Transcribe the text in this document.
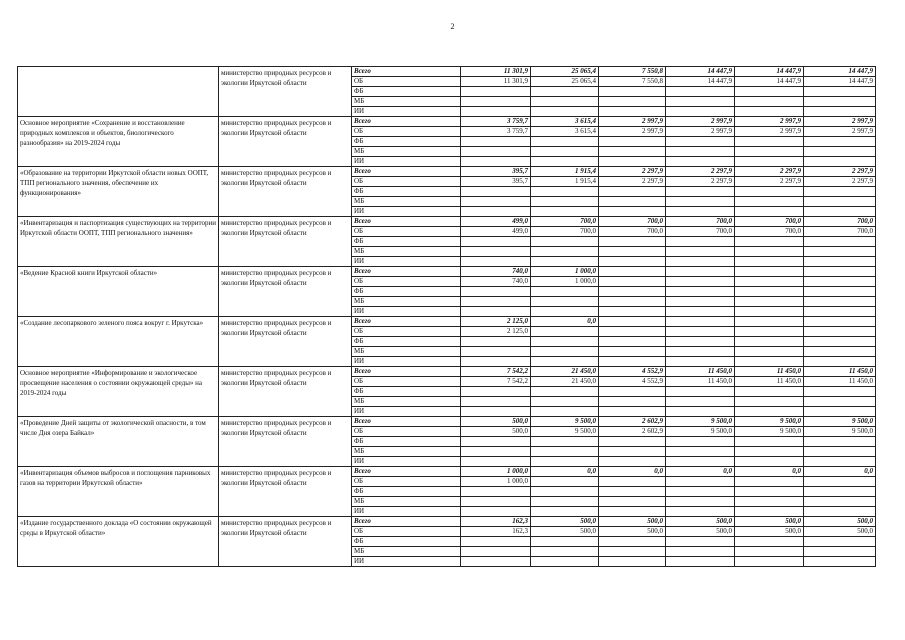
2
	министерство природных ресурсов и экологии Иркутской области	Всего	11 301,9	25 065,4	7 550,8	14 447,9	14 447,9	14 447,9
		ОБ	11 301,9	25 065,4	7 550,8	14 447,9	14 447,9	14 447,9
		ФБ						
		МБ						
		ИИ						
Основное мероприятие «Сохранение и восстановление природных комплексов и объектов, биологического разнообразия» на 2019-2024 годы	министерство природных ресурсов и экологии Иркутской области	Всего	3 759,7	3 615,4	2 997,9	2 997,9	2 997,9	2 997,9
		ОБ	3 759,7	3 615,4	2 997,9	2 997,9	2 997,9	2 997,9
		ФБ						
		МБ						
		ИИ						
«Образование на территории Иркутской области новых ООПТ, ТПП регионального значения, обеспечение их функционирования»	министерство природных ресурсов и экологии Иркутской области	Всего	395,7	1 915,4	2 297,9	2 297,9	2 297,9	2 297,9
		ОБ	395,7	1 915,4	2 297,9	2 297,9	2 297,9	2 297,9
		ФБ						
		МБ						
		ИИ						
«Инвентаризация и паспортизация существующих на территории Иркутской области ООПТ, ТПП регионального значения»	министерство природных ресурсов и экологии Иркутской области	Всего	499,0	700,0	700,0	700,0	700,0	700,0
		ОБ	499,0	700,0	700,0	700,0	700,0	700,0
		ФБ						
		МБ						
		ИИ						
«Ведение Красной книги Иркутской области»	министерство природных ресурсов и экологии Иркутской области	Всего	740,0	1 000,0				
		ОБ	740,0	1 000,0				
		ФБ						
		МБ						
		ИИ						
«Создание лесопаркового зеленого пояса вокруг г. Иркутска»	министерство природных ресурсов и экологии Иркутской области	Всего	2 125,0	0,0				
		ОБ	2 125,0					
		ФБ						
		МБ						
		ИИ						
Основное мероприятие «Информирование и экологическое просвещение населения о состоянии окружающей среды» на 2019-2024 годы	министерство природных ресурсов и экологии Иркутской области	Всего	7 542,2	21 450,0	4 552,9	11 450,0	11 450,0	11 450,0
		ОБ	7 542,2	21 450,0	4 552,9	11 450,0	11 450,0	11 450,0
		ФБ						
		МБ						
		ИИ						
«Проведение Дней защиты от экологической опасности, в том числе Дня озера Байкал»	министерство природных ресурсов и экологии Иркутской области	Всего	500,0	9 500,0	2 602,9	9 500,0	9 500,0	9 500,0
		ОБ	500,0	9 500,0	2 602,9	9 500,0	9 500,0	9 500,0
		ФБ						
		МБ						
		ИИ						
«Инвентаризация объемов выбросов и поглощения парниковых газов на территории Иркутской области»	министерство природных ресурсов и экологии Иркутской области	Всего	1 000,0	0,0	0,0	0,0	0,0	0,0
		ОБ	1 000,0					
		ФБ						
		МБ						
		ИИ						
«Издание государственного доклада «О состоянии окружающей среды в Иркутской области»	министерство природных ресурсов и экологии Иркутской области	Всего	162,3	500,0	500,0	500,0	500,0	500,0
		ОБ	162,3	500,0	500,0	500,0	500,0	500,0
		ФБ						
		МБ						
		ИИ						
